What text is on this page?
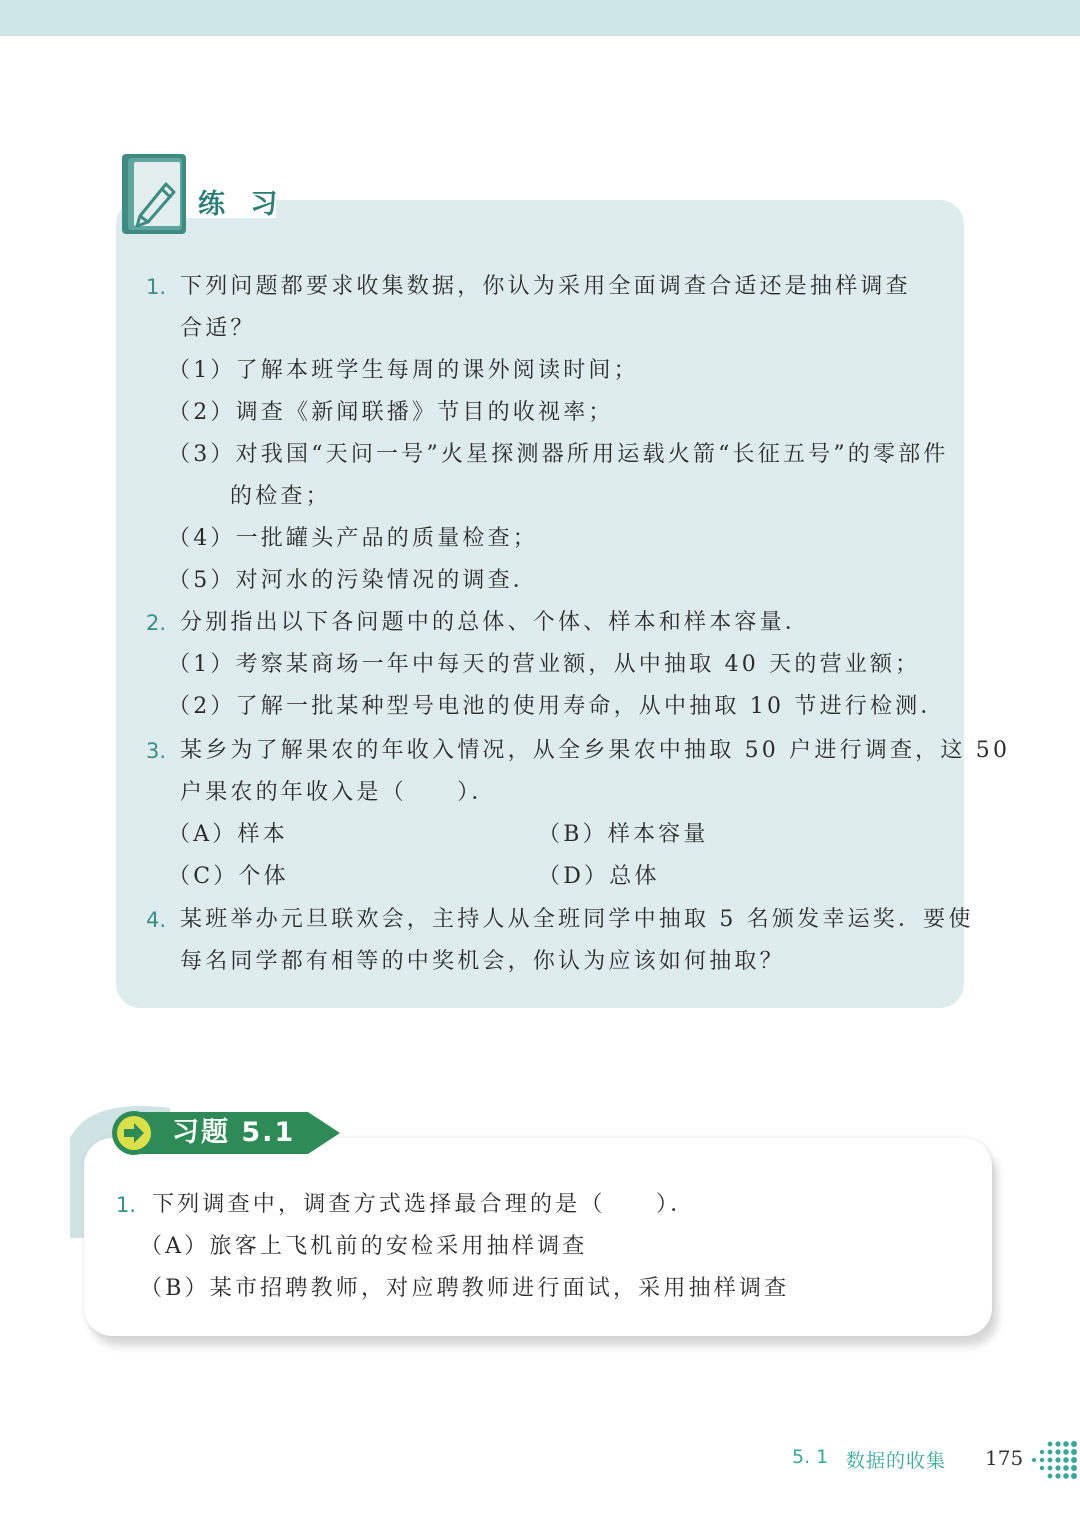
练 习
1. 下列问题都要求收集数据，你认为采用全面调查合适还是抽样调查
合适？
（1）了解本班学生每周的课外阅读时间；
（2）调查《新闻联播》节目的收视率；
（3）对我国“天问一号”火星探测器所用运载火箭“长征五号”的零部件
的检查；
（4）一批罐头产品的质量检查；
（5）对河水的污染情况的调查．
2. 分别指出以下各问题中的总体、个体、样本和样本容量．
（1）考察某商场一年中每天的营业额，从中抽取 40 天的营业额；
（2）了解一批某种型号电池的使用寿命，从中抽取 10 节进行检测．
3. 某乡为了解果农的年收入情况，从全乡果农中抽取 50 户进行调查，这 50
户果农的年收入是（　　）．
（A）样本	（B）样本容量
（C）个体	（D）总体
4. 某班举办元旦联欢会，主持人从全班同学中抽取 5 名颁发幸运奖．要使
每名同学都有相等的中奖机会，你认为应该如何抽取？
习题 5.1
1. 下列调查中，调查方式选择最合理的是（　　）．
（A）旅客上飞机前的安检采用抽样调查
（B）某市招聘教师，对应聘教师进行面试，采用抽样调查
5. 1 数据的收集 175
